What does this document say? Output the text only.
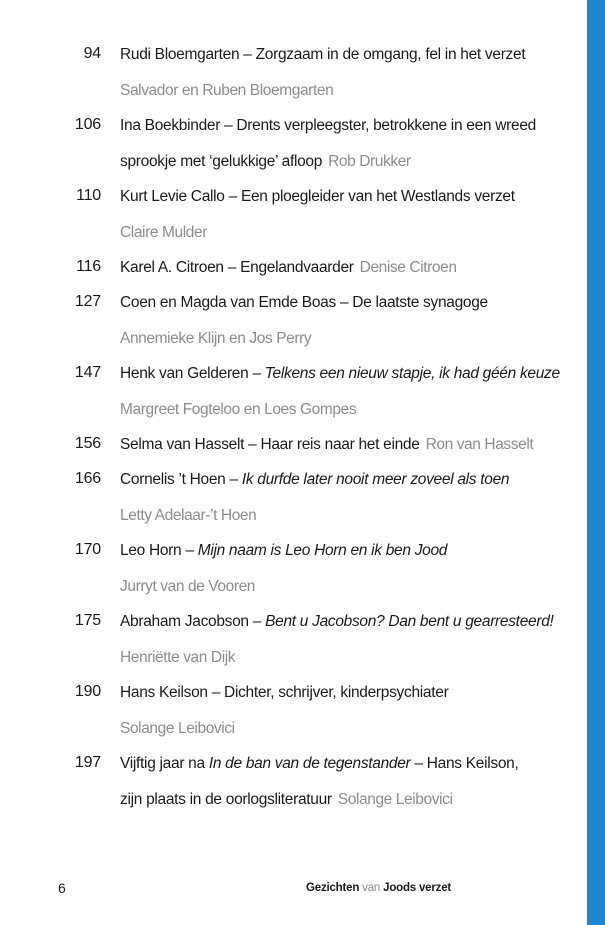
94 Rudi Bloemgarten – Zorgzaam in de omgang, fel in het verzet
Salvador en Ruben Bloemgarten
106 Ina Boekbinder – Drents verpleegster, betrokkene in een wreed
sprookje met ‘gelukkige’ afloop Rob Drukker
110 Kurt Levie Callo – Een ploegleider van het Westlands verzet
Claire Mulder
116 Karel A. Citroen – Engelandvaarder Denise Citroen
127 Coen en Magda van Emde Boas – De laatste synagoge
Annemieke Klijn en Jos Perry
147 Henk van Gelderen – Telkens een nieuw stapje, ik had géén keuze
Margreet Fogteloo en Loes Gompes
156 Selma van Hasselt – Haar reis naar het einde Ron van Hasselt
166 Cornelis ’t Hoen – Ik durfde later nooit meer zoveel als toen
Letty Adelaar-’t Hoen
170 Leo Horn – Mijn naam is Leo Horn en ik ben Jood
Jurryt van de Vooren
175 Abraham Jacobson – Bent u Jacobson? Dan bent u gearresteerd!
Henriëtte van Dijk
190 Hans Keilson – Dichter, schrijver, kinderpsychiater
Solange Leibovici
197 Vijftig jaar na In de ban van de tegenstander – Hans Keilson,
zijn plaats in de oorlogsliteratuur Solange Leibovici
6	Gezichten van Joods verzet
